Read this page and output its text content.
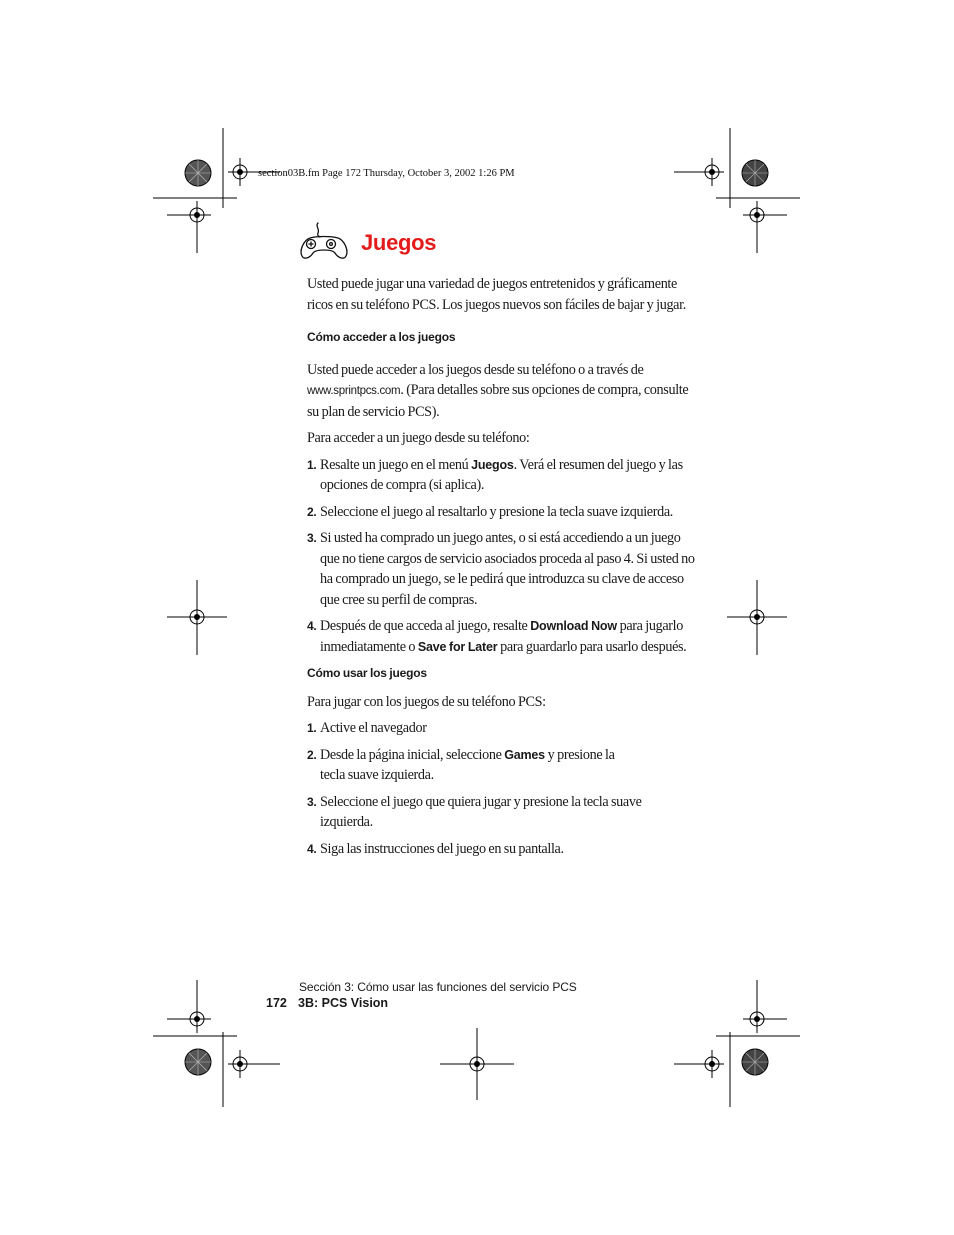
section03B.fm Page 172 Thursday, October 3, 2002 1:26 PM
Juegos

Usted puede jugar una variedad de juegos entretenidos y gráficamente ricos en su teléfono PCS. Los juegos nuevos son fáciles de bajar y jugar.

Cómo acceder a los juegos

Usted puede acceder a los juegos desde su teléfono o a través de www.sprintpcs.com. (Para detalles sobre sus opciones de compra, consulte su plan de servicio PCS).

Para acceder a un juego desde su teléfono:

1. Resalte un juego en el menú Juegos. Verá el resumen del juego y las opciones de compra (si aplica).
2. Seleccione el juego al resaltarlo y presione la tecla suave izquierda.
3. Si usted ha comprado un juego antes, o si está accediendo a un juego que no tiene cargos de servicio asociados proceda al paso 4. Si usted no ha comprado un juego, se le pedirá que introduzca su clave de acceso que cree su perfil de compras.
4. Después de que acceda al juego, resalte Download Now para jugarlo inmediatamente o Save for Later para guardarlo para usarlo después.

Cómo usar los juegos

Para jugar con los juegos de su teléfono PCS:

1. Active el navegador
2. Desde la página inicial, seleccione Games y presione la tecla suave izquierda.
3. Seleccione el juego que quiera jugar y presione la tecla suave izquierda.
4. Siga las instrucciones del juego en su pantalla.
Sección 3: Cómo usar las funciones del servicio PCS
172 3B: PCS Vision
